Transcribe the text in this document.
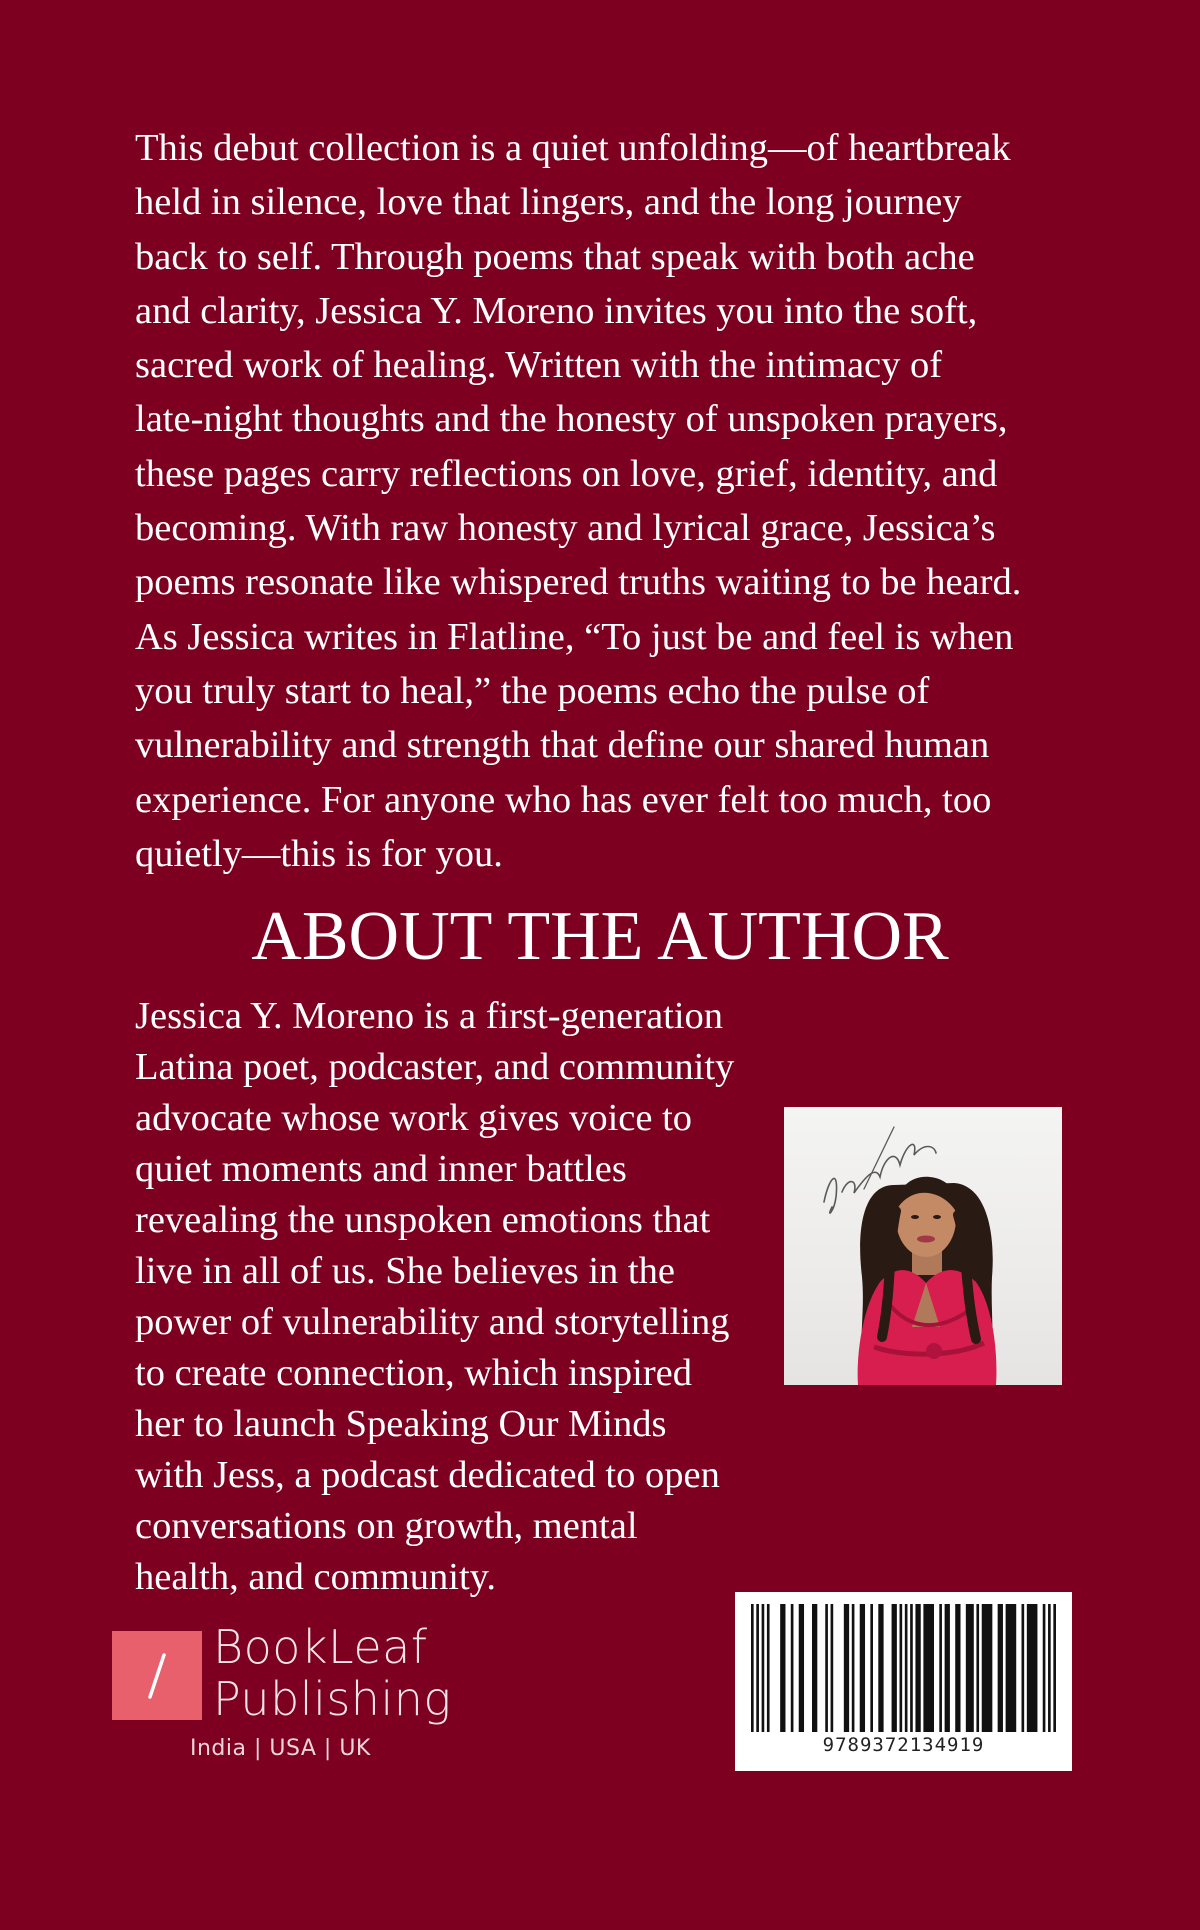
This debut collection is a quiet unfolding—of heartbreak
held in silence, love that lingers, and the long journey
back to self. Through poems that speak with both ache
and clarity, Jessica Y. Moreno invites you into the soft,
sacred work of healing. Written with the intimacy of
late-night thoughts and the honesty of unspoken prayers,
these pages carry reflections on love, grief, identity, and
becoming. With raw honesty and lyrical grace, Jessica’s
poems resonate like whispered truths waiting to be heard.
As Jessica writes in Flatline, “To just be and feel is when
you truly start to heal,” the poems echo the pulse of
vulnerability and strength that define our shared human
experience. For anyone who has ever felt too much, too
quietly—this is for you.

ABOUT THE AUTHOR

Jessica Y. Moreno is a first-generation
Latina poet, podcaster, and community
advocate whose work gives voice to
quiet moments and inner battles
revealing the unspoken emotions that
live in all of us. She believes in the
power of vulnerability and storytelling
to create connection, which inspired
her to launch Speaking Our Minds
with Jess, a podcast dedicated to open
conversations on growth, mental
health, and community.

BookLeaf
Publishing
India | USA | UK	9789372134919
